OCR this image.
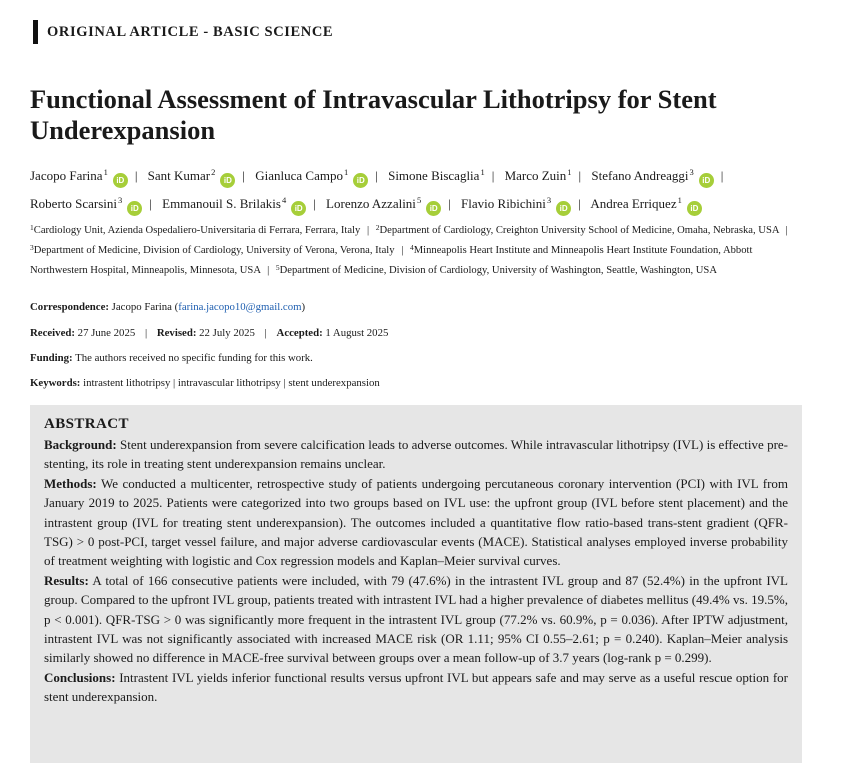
ORIGINAL ARTICLE - BASIC SCIENCE
Functional Assessment of Intravascular Lithotripsy for Stent Underexpansion
Jacopo Farina$^1$iD | Sant Kumar$^2$iD | Gianluca Campo$^1$iD | Simone Biscaglia$^1$ | Marco Zuin$^1$ | Stefano Andreaggi$^3$iD | Roberto Scarsini$^3$iD | Emmanouil S. Brilakis$^4$iD | Lorenzo Azzalini$^5$iD | Flavio Ribichini$^3$iD | Andrea Erriquez$^1$iD
$^1$Cardiology Unit, Azienda Ospedaliero-Universitaria di Ferrara, Ferrara, Italy | $^2$Department of Cardiology, Creighton University School of Medicine, Omaha, Nebraska, USA | $^3$Department of Medicine, Division of Cardiology, University of Verona, Verona, Italy | $^4$Minneapolis Heart Institute and Minneapolis Heart Institute Foundation, Abbott Northwestern Hospital, Minneapolis, Minnesota, USA | $^5$Department of Medicine, Division of Cardiology, University of Washington, Seattle, Washington, USA
Correspondence: Jacopo Farina (farina.jacopo10@gmail.com)
Received: 27 June 2025 | Revised: 22 July 2025 | Accepted: 1 August 2025
Funding: The authors received no specific funding for this work.
Keywords: intrastent lithotripsy | intravascular lithotripsy | stent underexpansion
ABSTRACT

Background: Stent underexpansion from severe calcification leads to adverse outcomes. While intravascular lithotripsy (IVL) is effective pre-stenting, its role in treating stent underexpansion remains unclear.

Methods: We conducted a multicenter, retrospective study of patients undergoing percutaneous coronary intervention (PCI) with IVL from January 2019 to 2025. Patients were categorized into two groups based on IVL use: the upfront group (IVL before stent placement) and the intrastent group (IVL for treating stent underexpansion). The outcomes included a quantitative flow ratio-based trans-stent gradient (QFR-TSG) > 0 post-PCI, target vessel failure, and major adverse cardiovascular events (MACE). Statistical analyses employed inverse probability of treatment weighting with logistic and Cox regression models and Kaplan–Meier survival curves.

Results: A total of 166 consecutive patients were included, with 79 (47.6%) in the intrastent IVL group and 87 (52.4%) in the upfront IVL group. Compared to the upfront IVL group, patients treated with intrastent IVL had a higher prevalence of diabetes mellitus (49.4% vs. 19.5%, p < 0.001). QFR-TSG > 0 was significantly more frequent in the intrastent IVL group (77.2% vs. 60.9%, p = 0.036). After IPTW adjustment, intrastent IVL was not significantly associated with increased MACE risk (OR 1.11; 95% CI 0.55–2.61; p = 0.240). Kaplan–Meier analysis similarly showed no difference in MACE-free survival between groups over a mean follow-up of 3.7 years (log-rank p = 0.299).

Conclusions: Intrastent IVL yields inferior functional results versus upfront IVL but appears safe and may serve as a useful rescue option for stent underexpansion.
